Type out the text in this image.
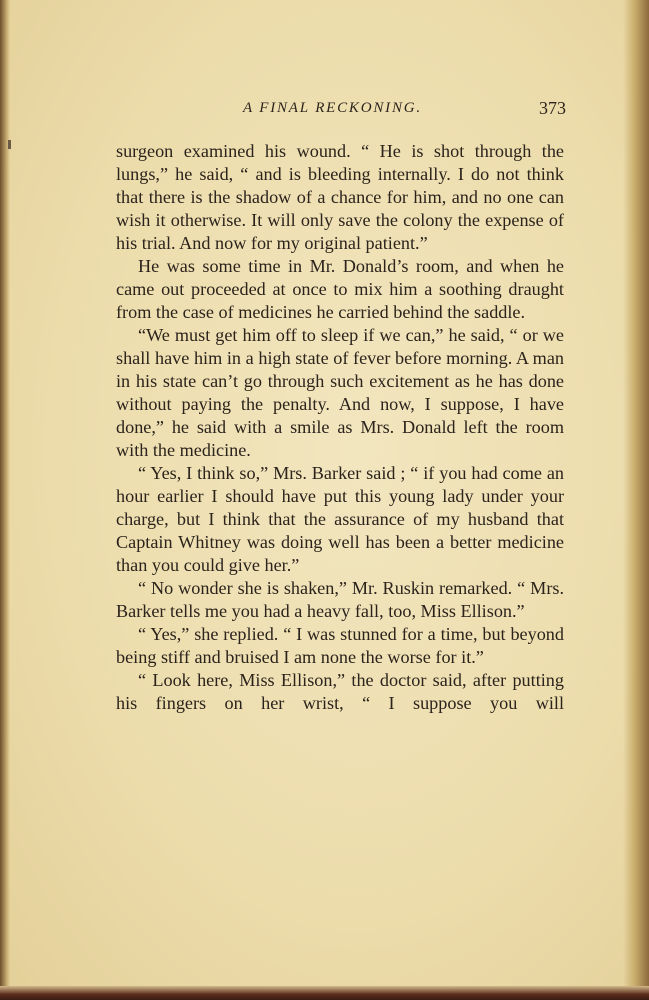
A FINAL RECKONING.	373

surgeon examined his wound. “ He is shot through the lungs,” he said, “ and is bleeding internally. I do not think that there is the shadow of a chance for him, and no one can wish it otherwise. It will only save the colony the expense of his trial. And now for my original patient.”

He was some time in Mr. Donald’s room, and when he came out proceeded at once to mix him a soothing draught from the case of medicines he carried behind the saddle.

“We must get him off to sleep if we can,” he said, “ or we shall have him in a high state of fever before morning. A man in his state can’t go through such excitement as he has done without paying the penalty. And now, I suppose, I have done,” he said with a smile as Mrs. Donald left the room with the medicine.

“ Yes, I think so,” Mrs. Barker said ; “ if you had come an hour earlier I should have put this young lady under your charge, but I think that the assurance of my husband that Captain Whitney was doing well has been a better medicine than you could give her.”

“ No wonder she is shaken,” Mr. Ruskin remarked. “ Mrs. Barker tells me you had a heavy fall, too, Miss Ellison.”

“ Yes,” she replied. “ I was stunned for a time, but beyond being stiff and bruised I am none the worse for it.”

“ Look here, Miss Ellison,” the doctor said, after putting his fingers on her wrist, “ I suppose you will
